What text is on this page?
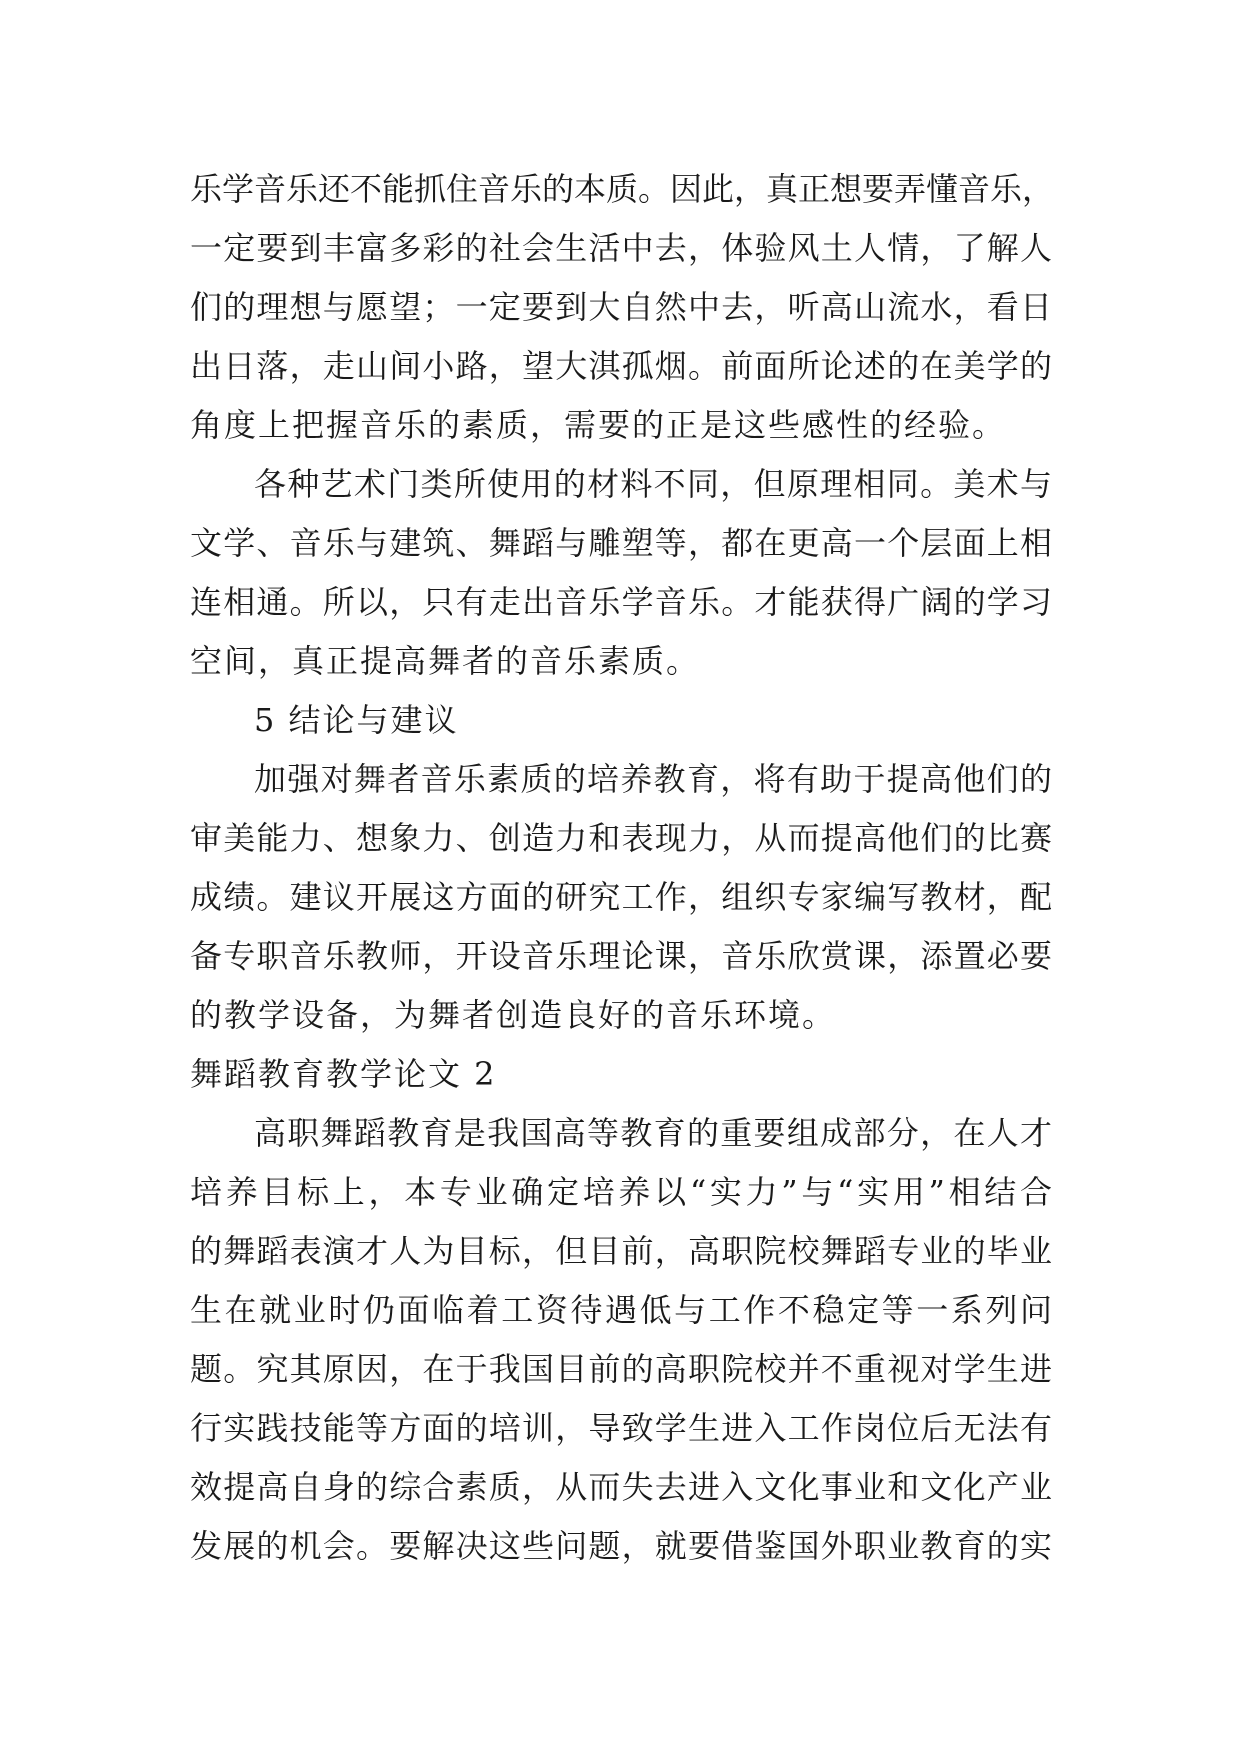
乐学音乐还不能抓住音乐的本质。因此，真正想要弄懂音乐，
一定要到丰富多彩的社会生活中去，体验风土人情，了解人
们的理想与愿望；一定要到大自然中去，听高山流水，看日
出日落，走山间小路，望大淇孤烟。前面所论述的在美学的
角度上把握音乐的素质，需要的正是这些感性的经验。
各种艺术门类所使用的材料不同，但原理相同。美术与
文学、音乐与建筑、舞蹈与雕塑等，都在更高一个层面上相
连相通。所以，只有走出音乐学音乐。才能获得广阔的学习
空间，真正提高舞者的音乐素质。
5 结论与建议
加强对舞者音乐素质的培养教育，将有助于提高他们的
审美能力、想象力、创造力和表现力，从而提高他们的比赛
成绩。建议开展这方面的研究工作，组织专家编写教材，配
备专职音乐教师，开设音乐理论课，音乐欣赏课，添置必要
的教学设备，为舞者创造良好的音乐环境。
舞蹈教育教学论文 2
高职舞蹈教育是我国高等教育的重要组成部分，在人才
培养目标上，本专业确定培养以“实力”与“实用”相结合
的舞蹈表演才人为目标，但目前，高职院校舞蹈专业的毕业
生在就业时仍面临着工资待遇低与工作不稳定等一系列问
题。究其原因，在于我国目前的高职院校并不重视对学生进
行实践技能等方面的培训，导致学生进入工作岗位后无法有
效提高自身的综合素质，从而失去进入文化事业和文化产业
发展的机会。要解决这些问题，就要借鉴国外职业教育的实
